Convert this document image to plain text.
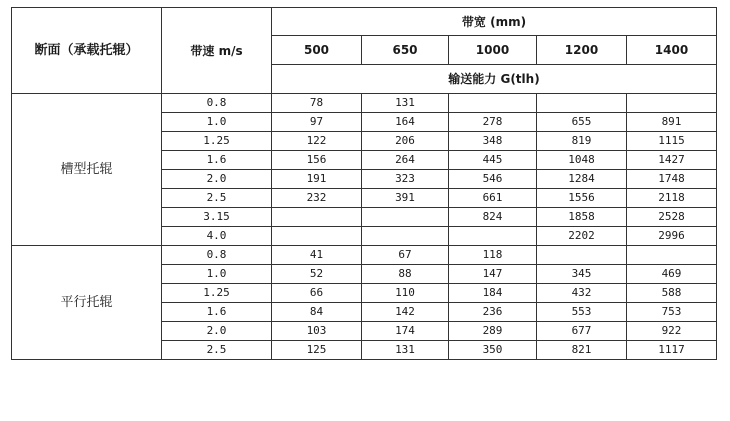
断面（承载托辊）	带速 m/s	带宽 (mm)				
		500	650	1000	1200	1400
		输送能力 G(tlh)				
槽型托辊	0.8	78	131			
	1.0	97	164	278	655	891
	1.25	122	206	348	819	1115
	1.6	156	264	445	1048	1427
	2.0	191	323	546	1284	1748
	2.5	232	391	661	1556	2118
	3.15			824	1858	2528
	4.0				2202	2996
平行托辊	0.8	41	67	118		
	1.0	52	88	147	345	469
	1.25	66	110	184	432	588
	1.6	84	142	236	553	753
	2.0	103	174	289	677	922
	2.5	125	131	350	821	1117
